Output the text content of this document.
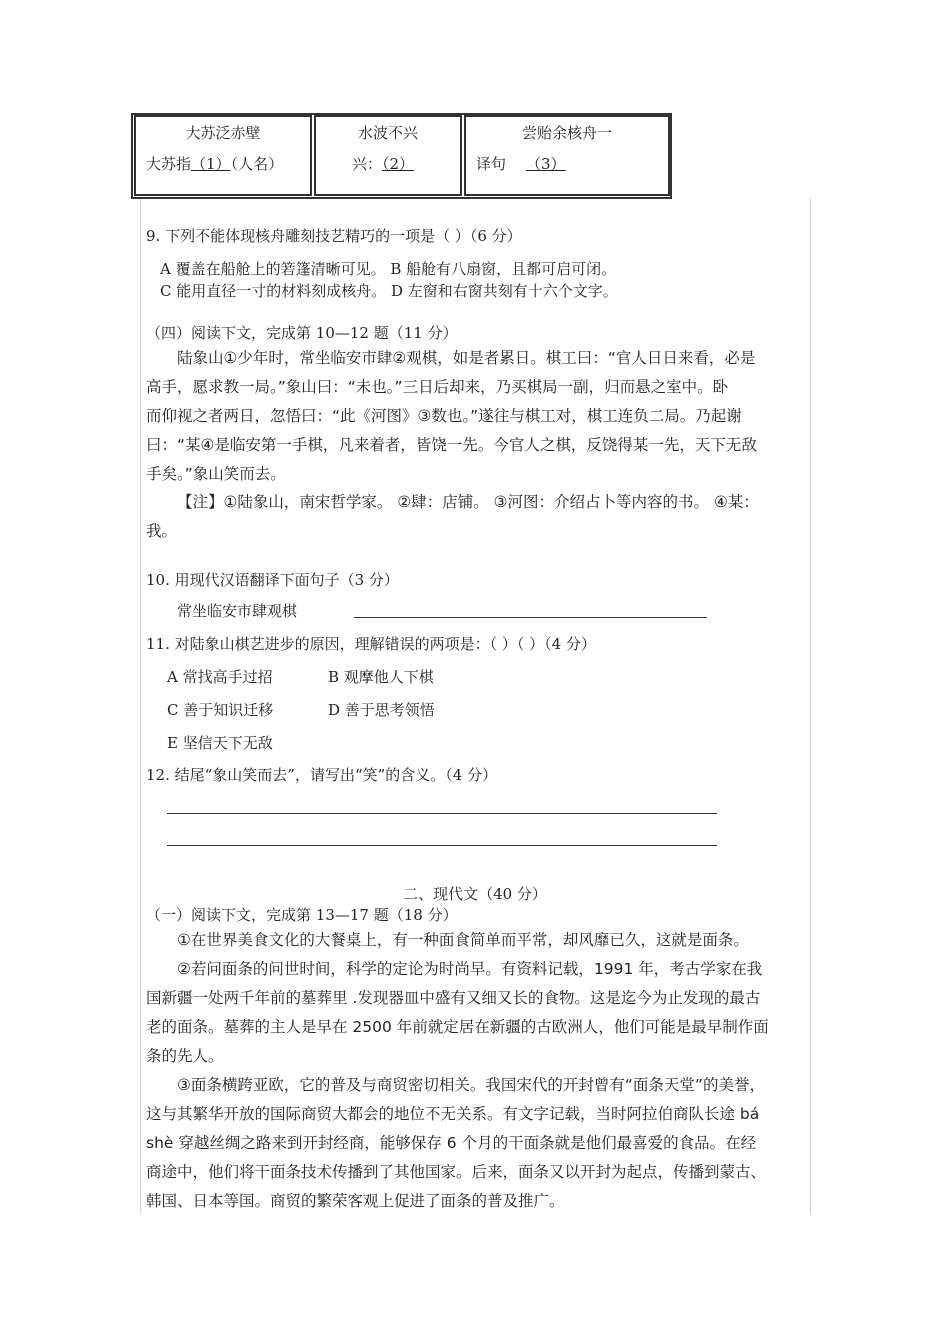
大苏泛赤壁
大苏指（1）（人名）
水波不兴
兴：（2）
尝贻余核舟一
译句 （3）
9. 下列不能体现核舟雕刻技艺精巧的一项是（ ）（6 分）
A 覆盖在船舱上的箬篷清晰可见。 B 船舱有八扇窗，且都可启可闭。
C 能用直径一寸的材料刻成核舟。 D 左窗和右窗共刻有十六个文字。
（四）阅读下文，完成第 10—12 题（11 分）
陆象山①少年时，常坐临安市肆②观棋，如是者累日。棋工曰：“官人日日来看，必是
高手，愿求教一局。”象山曰：“未也。”三日后却来，乃买棋局一副，归而悬之室中。卧
而仰视之者两日，忽悟曰：“此《河图》③数也。”遂往与棋工对，棋工连负二局。乃起谢
曰：“某④是临安第一手棋，凡来着者，皆饶一先。今官人之棋，反饶得某一先，天下无敌
手矣。”象山笑而去。
【注】①陆象山，南宋哲学家。 ②肆：店铺。 ③河图：介绍占卜等内容的书。 ④某：
我。
10. 用现代汉语翻译下面句子（3 分）
常坐临安市肆观棋
11. 对陆象山棋艺进步的原因，理解错误的两项是：（ ）（ ）（4 分）
A 常找高手过招	B 观摩他人下棋
C 善于知识迁移	D 善于思考领悟
E 坚信天下无敌
12. 结尾“象山笑而去”，请写出“笑”的含义。（4 分）
二、现代文（40 分）
（一）阅读下文，完成第 13—17 题（18 分）
①在世界美食文化的大餐桌上，有一种面食简单而平常，却风靡已久，这就是面条。
②若问面条的问世时间，科学的定论为时尚早。有资料记载，1991 年，考古学家在我
国新疆一处两千年前的墓葬里 .发现器皿中盛有又细又长的食物。这是迄今为止发现的最古
老的面条。墓葬的主人是早在 2500 年前就定居在新疆的古欧洲人，他们可能是最早制作面
条的先人。
③面条横跨亚欧，它的普及与商贸密切相关。我国宋代的开封曾有“面条天堂”的美誉，
这与其繁华开放的国际商贸大都会的地位不无关系。有文字记载，当时阿拉伯商队长途 bá
shè 穿越丝绸之路来到开封经商，能够保存 6 个月的干面条就是他们最喜爱的食品。在经
商途中，他们将干面条技术传播到了其他国家。后来，面条又以开封为起点，传播到蒙古、
韩国、日本等国。商贸的繁荣客观上促进了面条的普及推广。
